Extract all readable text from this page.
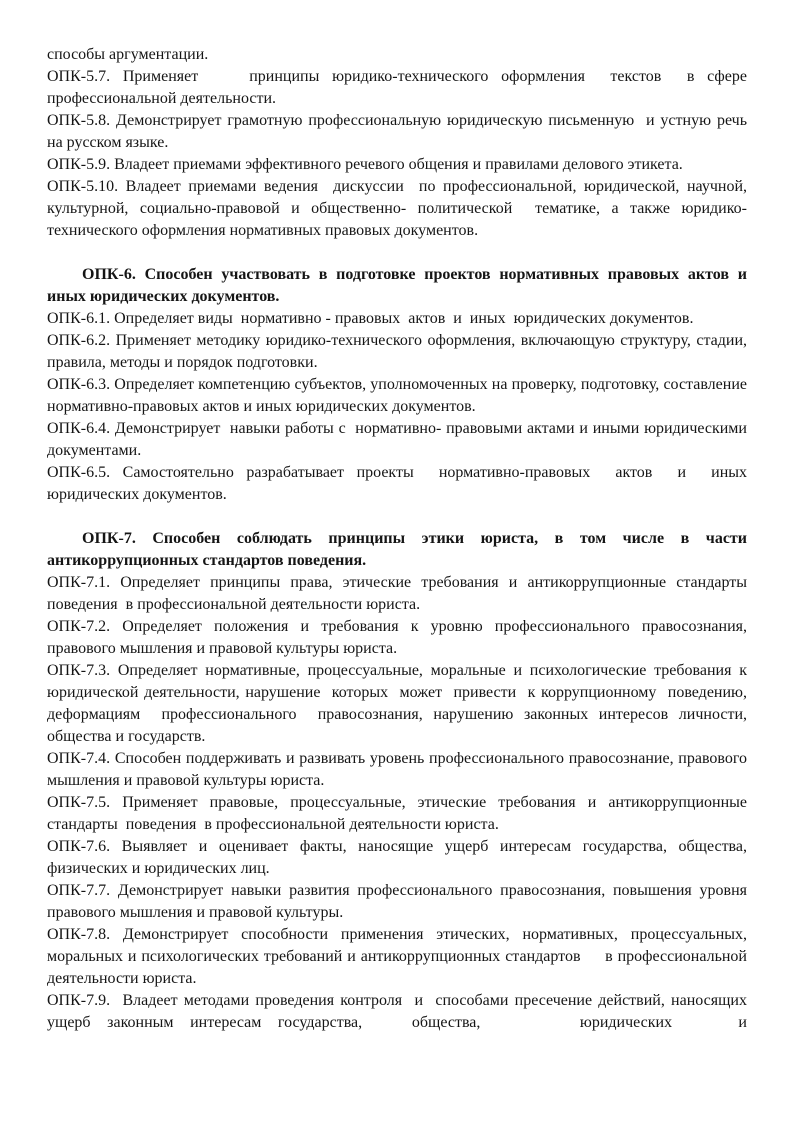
способы аргументации.

ОПК-5.7. Применяет    принципы юридико-технического оформления  текстов  в сфере профессиональной деятельности.

ОПК-5.8. Демонстрирует грамотную профессиональную юридическую письменную  и устную речь на русском языке.

ОПК-5.9. Владеет приемами эффективного речевого общения и правилами делового этикета.

ОПК-5.10. Владеет приемами ведения  дискуссии  по профессиональной, юридической, научной, культурной, социально-правовой и общественно- политической  тематике, а также юридико-технического оформления нормативных правовых документов.

ОПК-6. Способен участвовать в подготовке проектов нормативных правовых актов и иных юридических документов.

ОПК-6.1. Определяет виды  нормативно - правовых  актов  и  иных  юридических документов.

ОПК-6.2. Применяет методику юридико-технического оформления, включающую структуру, стадии, правила, методы и порядок подготовки.

ОПК-6.3. Определяет компетенцию субъектов, уполномоченных на проверку, подготовку, составление нормативно-правовых актов и иных юридических документов.

ОПК-6.4. Демонстрирует  навыки работы с  нормативно- правовыми актами и иными юридическими документами.

ОПК-6.5. Самостоятельно разрабатывает проекты  нормативно-правовых  актов  и  иных юридических документов.

ОПК-7. Способен соблюдать принципы этики юриста, в том числе в части антикоррупционных стандартов поведения.

ОПК-7.1. Определяет принципы права, этические требования и антикоррупционные стандарты  поведения  в профессиональной деятельности юриста.

ОПК-7.2. Определяет положения и требования к уровню профессионального правосознания, правового мышления и правовой культуры юриста.

ОПК-7.3. Определяет нормативные, процессуальные, моральные и психологические требования к юридической деятельности, нарушение  которых  может  привести  к коррупционному  поведению,  деформациям  профессионального  правосознания, нарушению законных интересов личности, общества и государств.

ОПК-7.4. Способен поддерживать и развивать уровень профессионального правосознание, правового мышления и правовой культуры юриста.

ОПК-7.5. Применяет правовые, процессуальные, этические требования и антикоррупционные стандарты  поведения  в профессиональной деятельности юриста.

ОПК-7.6. Выявляет и оценивает факты, наносящие ущерб интересам государства, общества, физических и юридических лиц.

ОПК-7.7. Демонстрирует навыки развития профессионального правосознания, повышения уровня правового мышления и правовой культуры.

ОПК-7.8. Демонстрирует способности применения этических, нормативных, процессуальных, моральных и психологических требований и антикоррупционных стандартов     в профессиональной деятельности юриста.

ОПК-7.9.  Владеет методами проведения контроля  и  способами пресечение действий, наносящих ущерб законным интересам государства,   общества,      юридических    и
